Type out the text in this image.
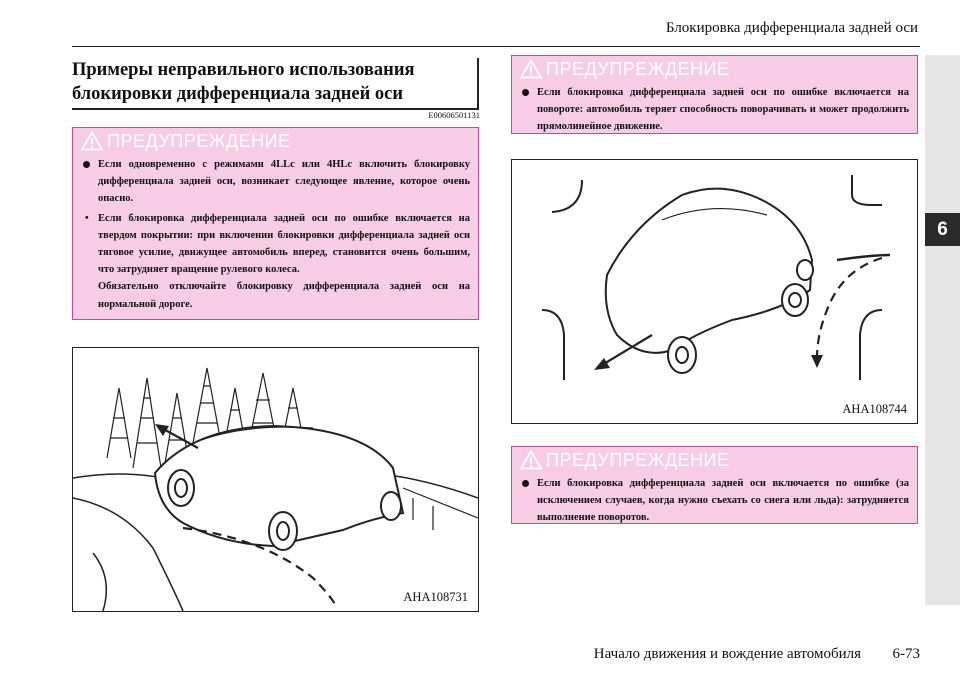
Блокировка дифференциала задней оси
6
Примеры неправильного использования блокировки дифференциала задней оси
E00606501131
ПРЕДУПРЕЖДЕНИЕ
Если одновременно с режимами 4LLc или 4HLc включить блокировку дифференциала задней оси, возникает следующее явление, которое очень опасно.
• Если блокировка дифференциала задней оси по ошибке включается на твердом покрытии: при включении блокировки дифференциала задней оси тяговое усилие, движущее автомобиль вперед, становится очень большим, что затрудняет вращение рулевого колеса.
Обязательно отключайте блокировку дифференциала задней оси на нормальной дороге.
AHA108731
ПРЕДУПРЕЖДЕНИЕ
Если блокировка дифференциала задней оси по ошибке включается на повороте: автомобиль теряет способность поворачивать и может продолжить прямолинейное движение.
AHA108744
ПРЕДУПРЕЖДЕНИЕ
Если блокировка дифференциала задней оси включается по ошибке (за исключением случаев, когда нужно съехать со снега или льда): затрудняется выполнение поворотов.
Начало движения и вождение автомобиля 6-73
